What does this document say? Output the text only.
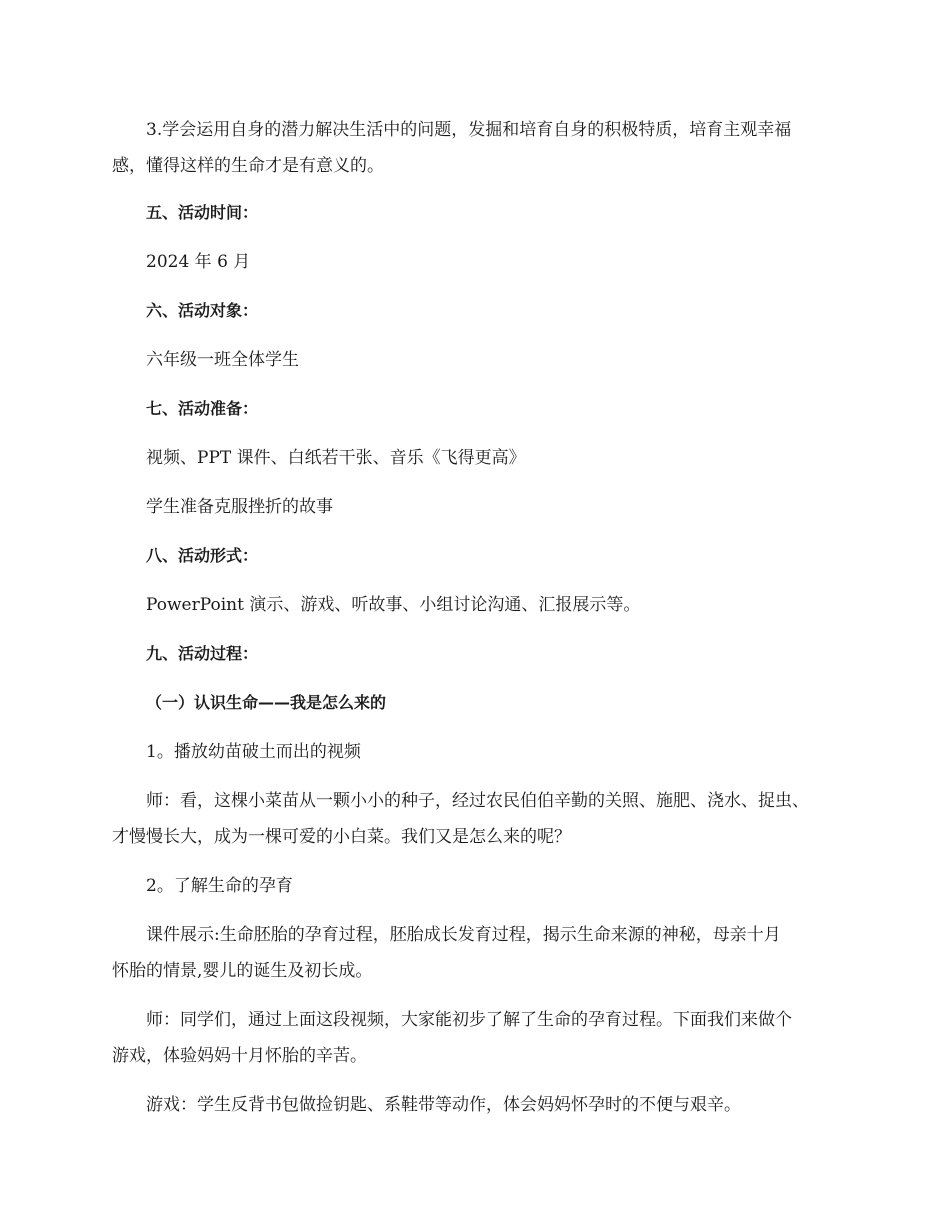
3.学会运用自身的潜力解决生活中的问题，发掘和培育自身的积极特质，培育主观幸福

感，懂得这样的生命才是有意义的。

五、活动时间：

2024 年 6 月

六、活动对象：

六年级一班全体学生

七、活动准备：

视频、PPT 课件、白纸若干张、音乐《飞得更高》

学生准备克服挫折的故事

八、活动形式：

PowerPoint 演示、游戏、听故事、小组讨论沟通、汇报展示等。

九、活动过程：

（一）认识生命——我是怎么来的

1。播放幼苗破土而出的视频

师：看，这棵小菜苗从一颗小小的种子，经过农民伯伯辛勤的关照、施肥、浇水、捉虫、

才慢慢长大，成为一棵可爱的小白菜。我们又是怎么来的呢？

2。了解生命的孕育

课件展示:生命胚胎的孕育过程，胚胎成长发育过程，揭示生命来源的神秘，母亲十月

怀胎的情景,婴儿的诞生及初长成。

师：同学们，通过上面这段视频，大家能初步了解了生命的孕育过程。下面我们来做个

游戏，体验妈妈十月怀胎的辛苦。

游戏：学生反背书包做捡钥匙、系鞋带等动作，体会妈妈怀孕时的不便与艰辛。
